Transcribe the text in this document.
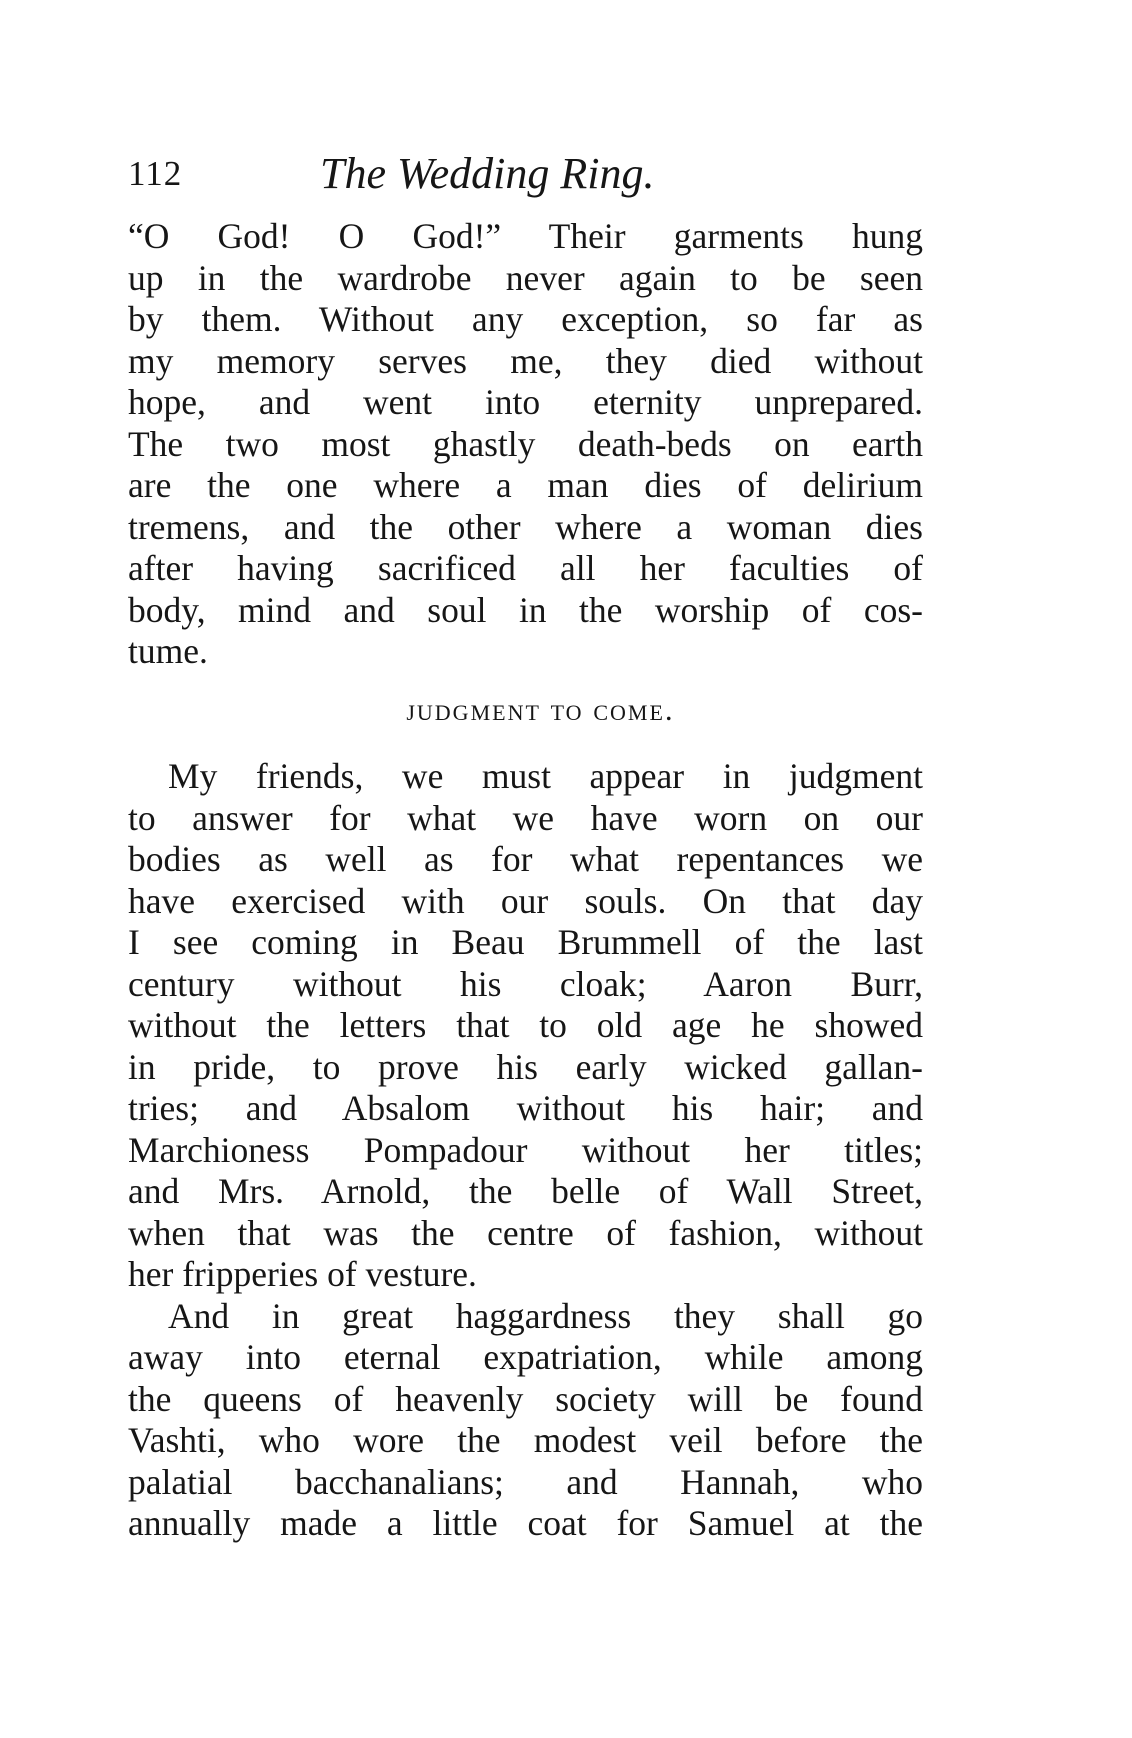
112	The Wedding Ring.
“O God! O God!” Their garments hung
up in the wardrobe never again to be seen
by them. Without any exception, so far as
my memory serves me, they died without
hope, and went into eternity unprepared.
The two most ghastly death-beds on earth
are the one where a man dies of delirium
tremens, and the other where a woman dies
after having sacrificed all her faculties of
body, mind and soul in the worship of cos-
tume.
judgment to come.
My friends, we must appear in judgment
to answer for what we have worn on our
bodies as well as for what repentances we
have exercised with our souls. On that day
I see coming in Beau Brummell of the last
century without his cloak; Aaron Burr,
without the letters that to old age he showed
in pride, to prove his early wicked gallan-
tries; and Absalom without his hair; and
Marchioness Pompadour without her titles;
and Mrs. Arnold, the belle of Wall Street,
when that was the centre of fashion, without
her fripperies of vesture.
And in great haggardness they shall go
away into eternal expatriation, while among
the queens of heavenly society will be found
Vashti, who wore the modest veil before the
palatial bacchanalians; and Hannah, who
annually made a little coat for Samuel at the
